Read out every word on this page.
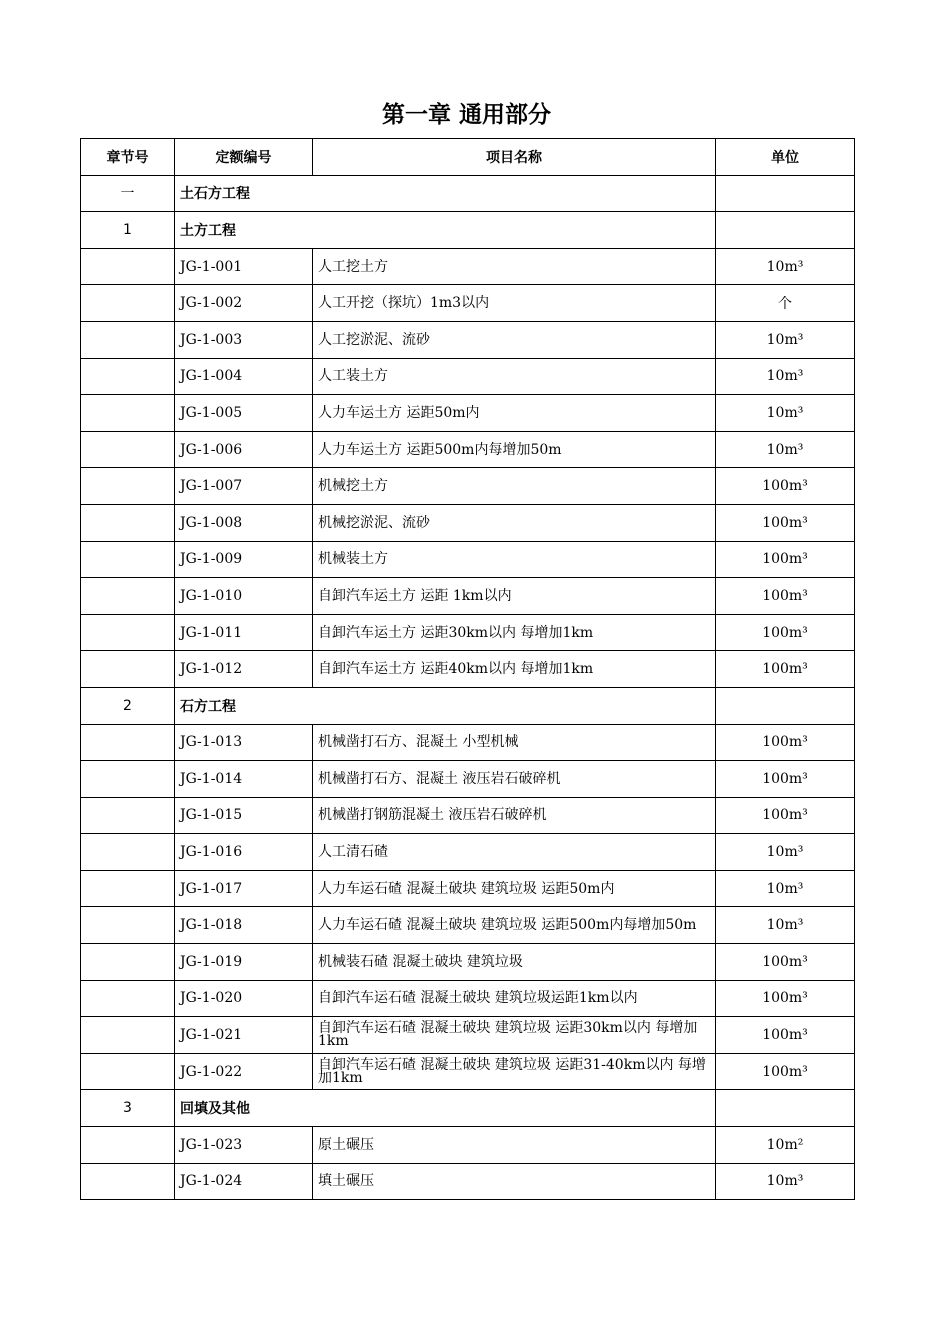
第一章 通用部分
章节号	定额编号	项目名称	单位
一	土石方工程		
1	土方工程		
	JG-1-001	人工挖土方	10m³
	JG-1-002	人工开挖（探坑）1m3以内	个
	JG-1-003	人工挖淤泥、流砂	10m³
	JG-1-004	人工装土方	10m³
	JG-1-005	人力车运土方 运距50m内	10m³
	JG-1-006	人力车运土方 运距500m内每增加50m	10m³
	JG-1-007	机械挖土方	100m³
	JG-1-008	机械挖淤泥、流砂	100m³
	JG-1-009	机械装土方	100m³
	JG-1-010	自卸汽车运土方 运距 1km以内	100m³
	JG-1-011	自卸汽车运土方 运距30km以内 每增加1km	100m³
	JG-1-012	自卸汽车运土方 运距40km以内 每增加1km	100m³
2	石方工程		
	JG-1-013	机械凿打石方、混凝土 小型机械	100m³
	JG-1-014	机械凿打石方、混凝土 液压岩石破碎机	100m³
	JG-1-015	机械凿打钢筋混凝土 液压岩石破碎机	100m³
	JG-1-016	人工清石碴	10m³
	JG-1-017	人力车运石碴 混凝土破块 建筑垃圾 运距50m内	10m³
	JG-1-018	人力车运石碴 混凝土破块 建筑垃圾 运距500m内每增加50m	10m³
	JG-1-019	机械装石碴 混凝土破块 建筑垃圾	100m³
	JG-1-020	自卸汽车运石碴 混凝土破块 建筑垃圾运距1km以内	100m³
	JG-1-021	自卸汽车运石碴 混凝土破块 建筑垃圾 运距30km以内 每增加1km	100m³
	JG-1-022	自卸汽车运石碴 混凝土破块 建筑垃圾 运距31-40km以内 每增加1km	100m³
3	回填及其他		
	JG-1-023	原土碾压	10m²
	JG-1-024	填土碾压	10m³
